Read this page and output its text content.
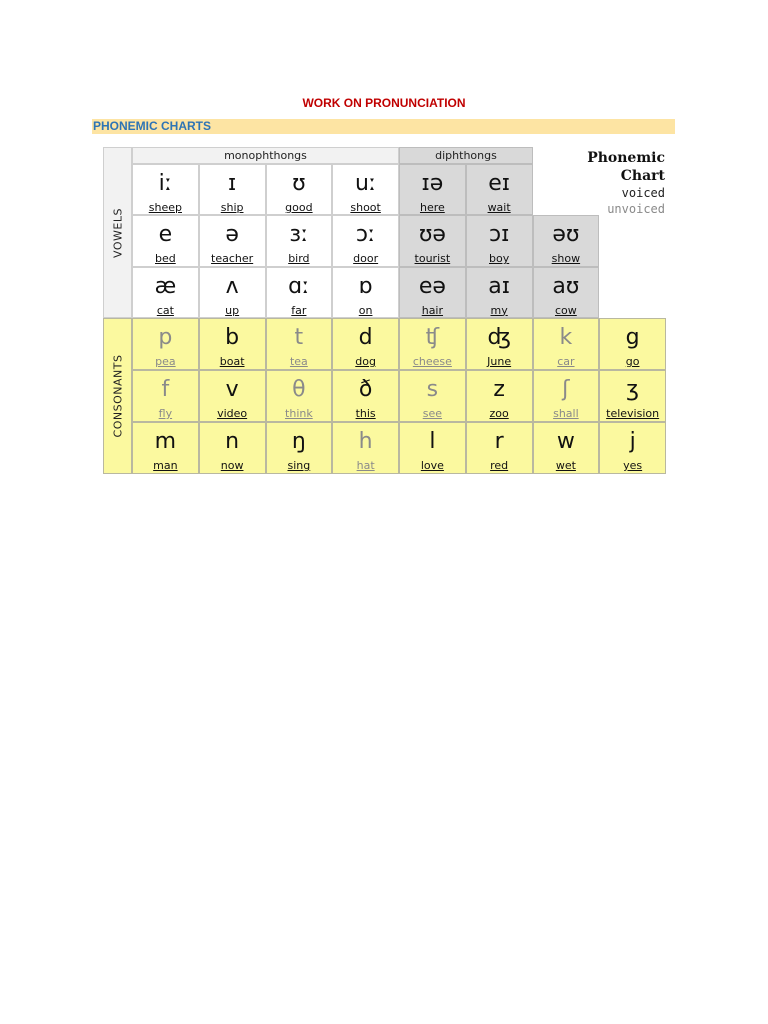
WORK ON PRONUNCIATION
PHONEMIC CHARTS
monophthongs	diphthongs
VOWELS
CONSONANTS
Phonemic
Chart
voiced
unvoiced
iː
sheep
ɪ
ship
ʊ
good
uː
shoot
ɪə
here
eɪ
wait
e
bed
ə
teacher
ɜː
bird
ɔː
door
ʊə
tourist
ɔɪ
boy
əʊ
show
æ
cat
ʌ
up
ɑː
far
ɒ
on
eə
hair
aɪ
my
aʊ
cow
p
pea
b
boat
t
tea
d
dog
ʧ
cheese
ʤ
June
k
car
g
go
f
fly
v
video
θ
think
ð
this
s
see
z
zoo
ʃ
shall
ʒ
television
m
man
n
now
ŋ
sing
h
hat
l
love
r
red
w
wet
j
yes
